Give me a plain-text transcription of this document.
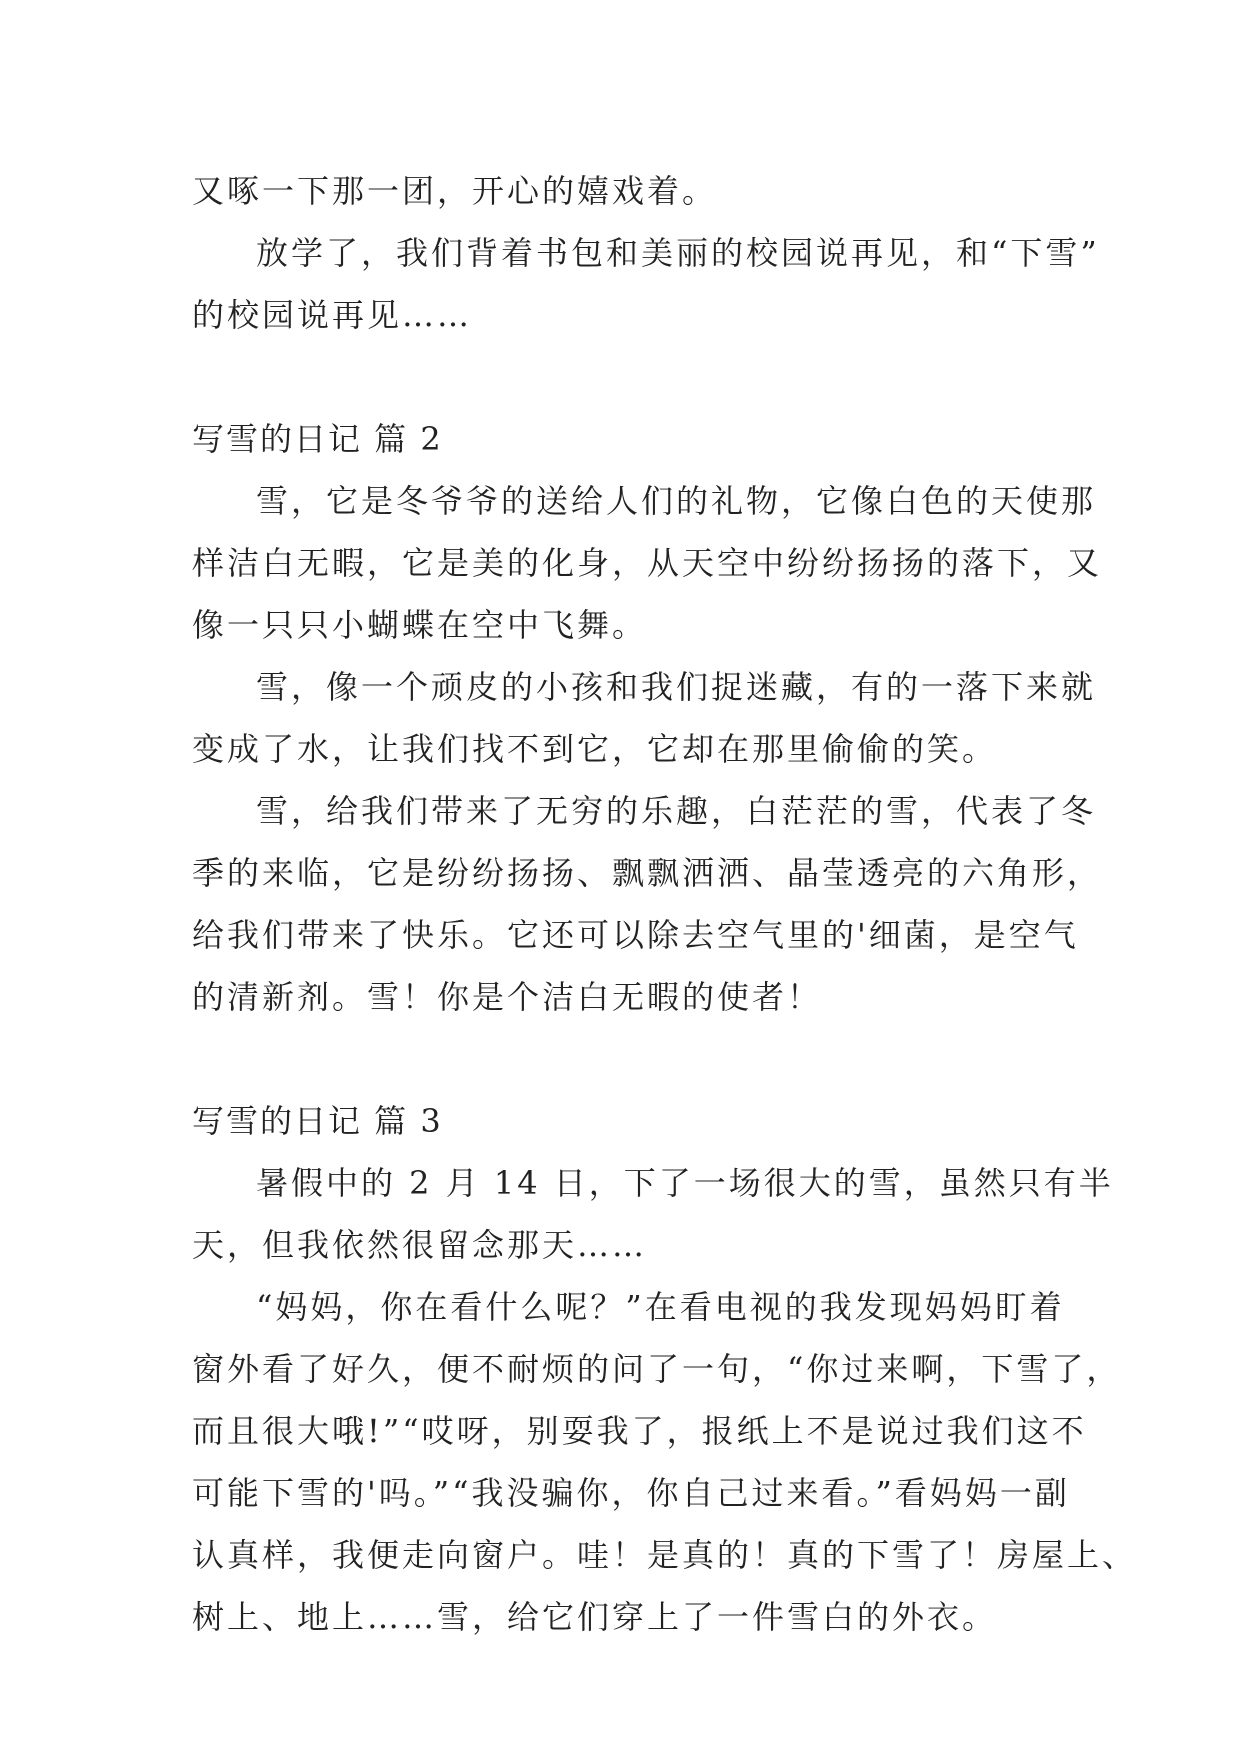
又啄一下那一团，开心的嬉戏着。
放学了，我们背着书包和美丽的校园说再见，和“下雪”
的校园说再见……
写雪的日记 篇 2
雪，它是冬爷爷的送给人们的礼物，它像白色的天使那
样洁白无暇，它是美的化身，从天空中纷纷扬扬的落下，又
像一只只小蝴蝶在空中飞舞。
雪，像一个顽皮的小孩和我们捉迷藏，有的一落下来就
变成了水，让我们找不到它，它却在那里偷偷的笑。
雪，给我们带来了无穷的乐趣，白茫茫的雪，代表了冬
季的来临，它是纷纷扬扬、飘飘洒洒、晶莹透亮的六角形，
给我们带来了快乐。它还可以除去空气里的'细菌，是空气
的清新剂。雪！你是个洁白无暇的使者！
写雪的日记 篇 3
暑假中的 2 月 14 日，下了一场很大的雪，虽然只有半
天，但我依然很留念那天……
“妈妈，你在看什么呢？”在看电视的我发现妈妈盯着
窗外看了好久，便不耐烦的问了一句，“你过来啊，下雪了，
而且很大哦!”“哎呀，别耍我了，报纸上不是说过我们这不
可能下雪的'吗。”“我没骗你，你自己过来看。”看妈妈一副
认真样，我便走向窗户。哇！是真的！真的下雪了！房屋上、
树上、地上……雪，给它们穿上了一件雪白的外衣。
